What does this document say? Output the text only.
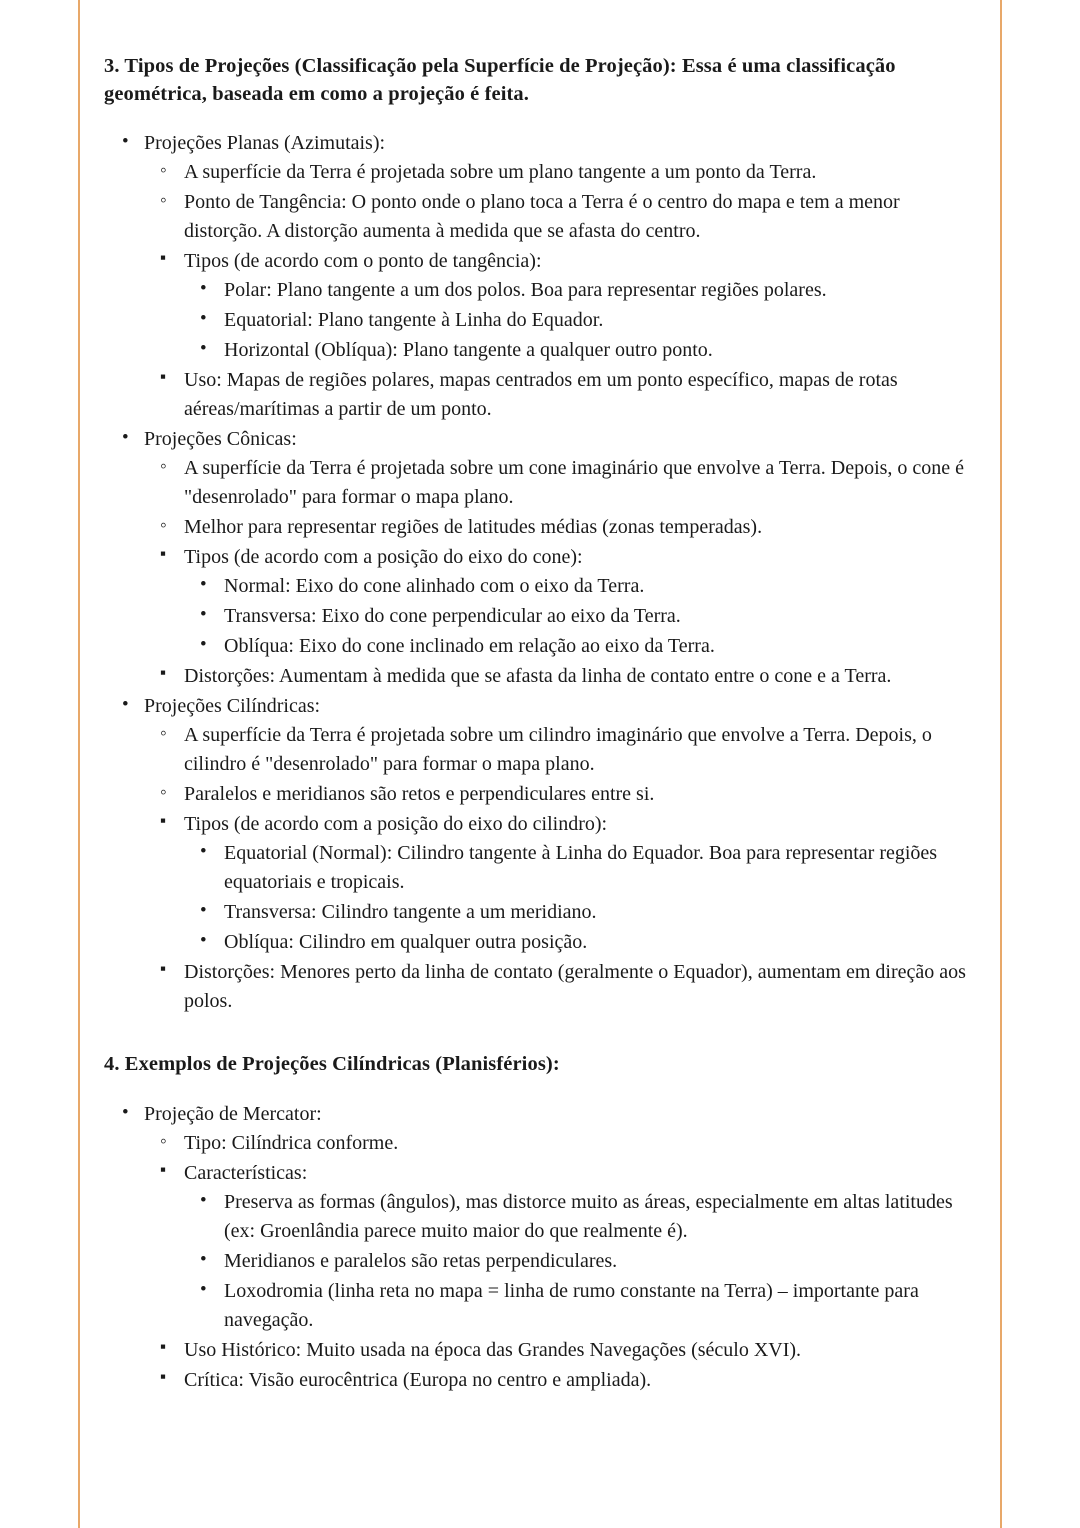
3. Tipos de Projeções (Classificação pela Superfície de Projeção): Essa é uma classificação geométrica, baseada em como a projeção é feita.
• Projeções Planas (Azimutais):
◦ A superfície da Terra é projetada sobre um plano tangente a um ponto da Terra.
◦ Ponto de Tangência: O ponto onde o plano toca a Terra é o centro do mapa e tem a menor distorção. A distorção aumenta à medida que se afasta do centro.
▪ Tipos (de acordo com o ponto de tangência):
• Polar: Plano tangente a um dos polos. Boa para representar regiões polares.
• Equatorial: Plano tangente à Linha do Equador.
• Horizontal (Oblíqua): Plano tangente a qualquer outro ponto.
▪ Uso: Mapas de regiões polares, mapas centrados em um ponto específico, mapas de rotas aéreas/marítimas a partir de um ponto.
• Projeções Cônicas:
◦ A superfície da Terra é projetada sobre um cone imaginário que envolve a Terra. Depois, o cone é "desenrolado" para formar o mapa plano.
◦ Melhor para representar regiões de latitudes médias (zonas temperadas).
▪ Tipos (de acordo com a posição do eixo do cone):
• Normal: Eixo do cone alinhado com o eixo da Terra.
• Transversa: Eixo do cone perpendicular ao eixo da Terra.
• Oblíqua: Eixo do cone inclinado em relação ao eixo da Terra.
▪ Distorções: Aumentam à medida que se afasta da linha de contato entre o cone e a Terra.
• Projeções Cilíndricas:
◦ A superfície da Terra é projetada sobre um cilindro imaginário que envolve a Terra. Depois, o cilindro é "desenrolado" para formar o mapa plano.
◦ Paralelos e meridianos são retos e perpendiculares entre si.
▪ Tipos (de acordo com a posição do eixo do cilindro):
• Equatorial (Normal): Cilindro tangente à Linha do Equador. Boa para representar regiões equatoriais e tropicais.
• Transversa: Cilindro tangente a um meridiano.
• Oblíqua: Cilindro em qualquer outra posição.
▪ Distorções: Menores perto da linha de contato (geralmente o Equador), aumentam em direção aos polos.
4. Exemplos de Projeções Cilíndricas (Planisférios):
• Projeção de Mercator:
◦ Tipo: Cilíndrica conforme.
▪ Características:
• Preserva as formas (ângulos), mas distorce muito as áreas, especialmente em altas latitudes (ex: Groenlândia parece muito maior do que realmente é).
• Meridianos e paralelos são retas perpendiculares.
• Loxodromia (linha reta no mapa = linha de rumo constante na Terra) – importante para navegação.
▪ Uso Histórico: Muito usada na época das Grandes Navegações (século XVI).
▪ Crítica: Visão eurocêntrica (Europa no centro e ampliada).
